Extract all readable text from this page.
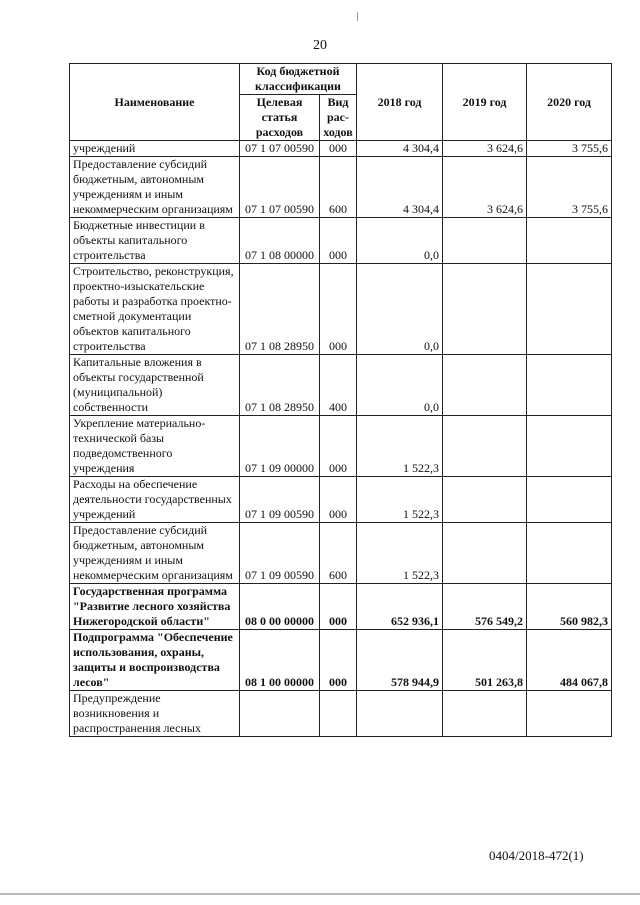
20
Наименование	Код бюджетной классификации		2018 год	2019 год	2020 год
	Целевая статья расходов	Вид рас-ходов			
учреждений	07 1 07 00590	000	4 304,4	3 624,6	3 755,6
Предоставление субсидий бюджетным, автономным учреждениям и иным некоммерческим организациям	07 1 07 00590	600	4 304,4	3 624,6	3 755,6
Бюджетные инвестиции в объекты капитального строительства	07 1 08 00000	000	0,0		
Строительство, реконструкция, проектно-изыскательские работы и разработка проектно-сметной документации объектов капитального строительства	07 1 08 28950	000	0,0		
Капитальные вложения в объекты государственной (муниципальной) собственности	07 1 08 28950	400	0,0		
Укрепление материально-технической базы подведомственного учреждения	07 1 09 00000	000	1 522,3		
Расходы на обеспечение деятельности государственных учреждений	07 1 09 00590	000	1 522,3		
Предоставление субсидий бюджетным, автономным учреждениям и иным некоммерческим организациям	07 1 09 00590	600	1 522,3		
Государственная программа "Развитие лесного хозяйства Нижегородской области"	08 0 00 00000	000	652 936,1	576 549,2	560 982,3
Подпрограмма "Обеспечение использования, охраны, защиты и воспроизводства лесов"	08 1 00 00000	000	578 944,9	501 263,8	484 067,8
Предупреждение возникновения и распространения лесных					
0404/2018-472(1)
